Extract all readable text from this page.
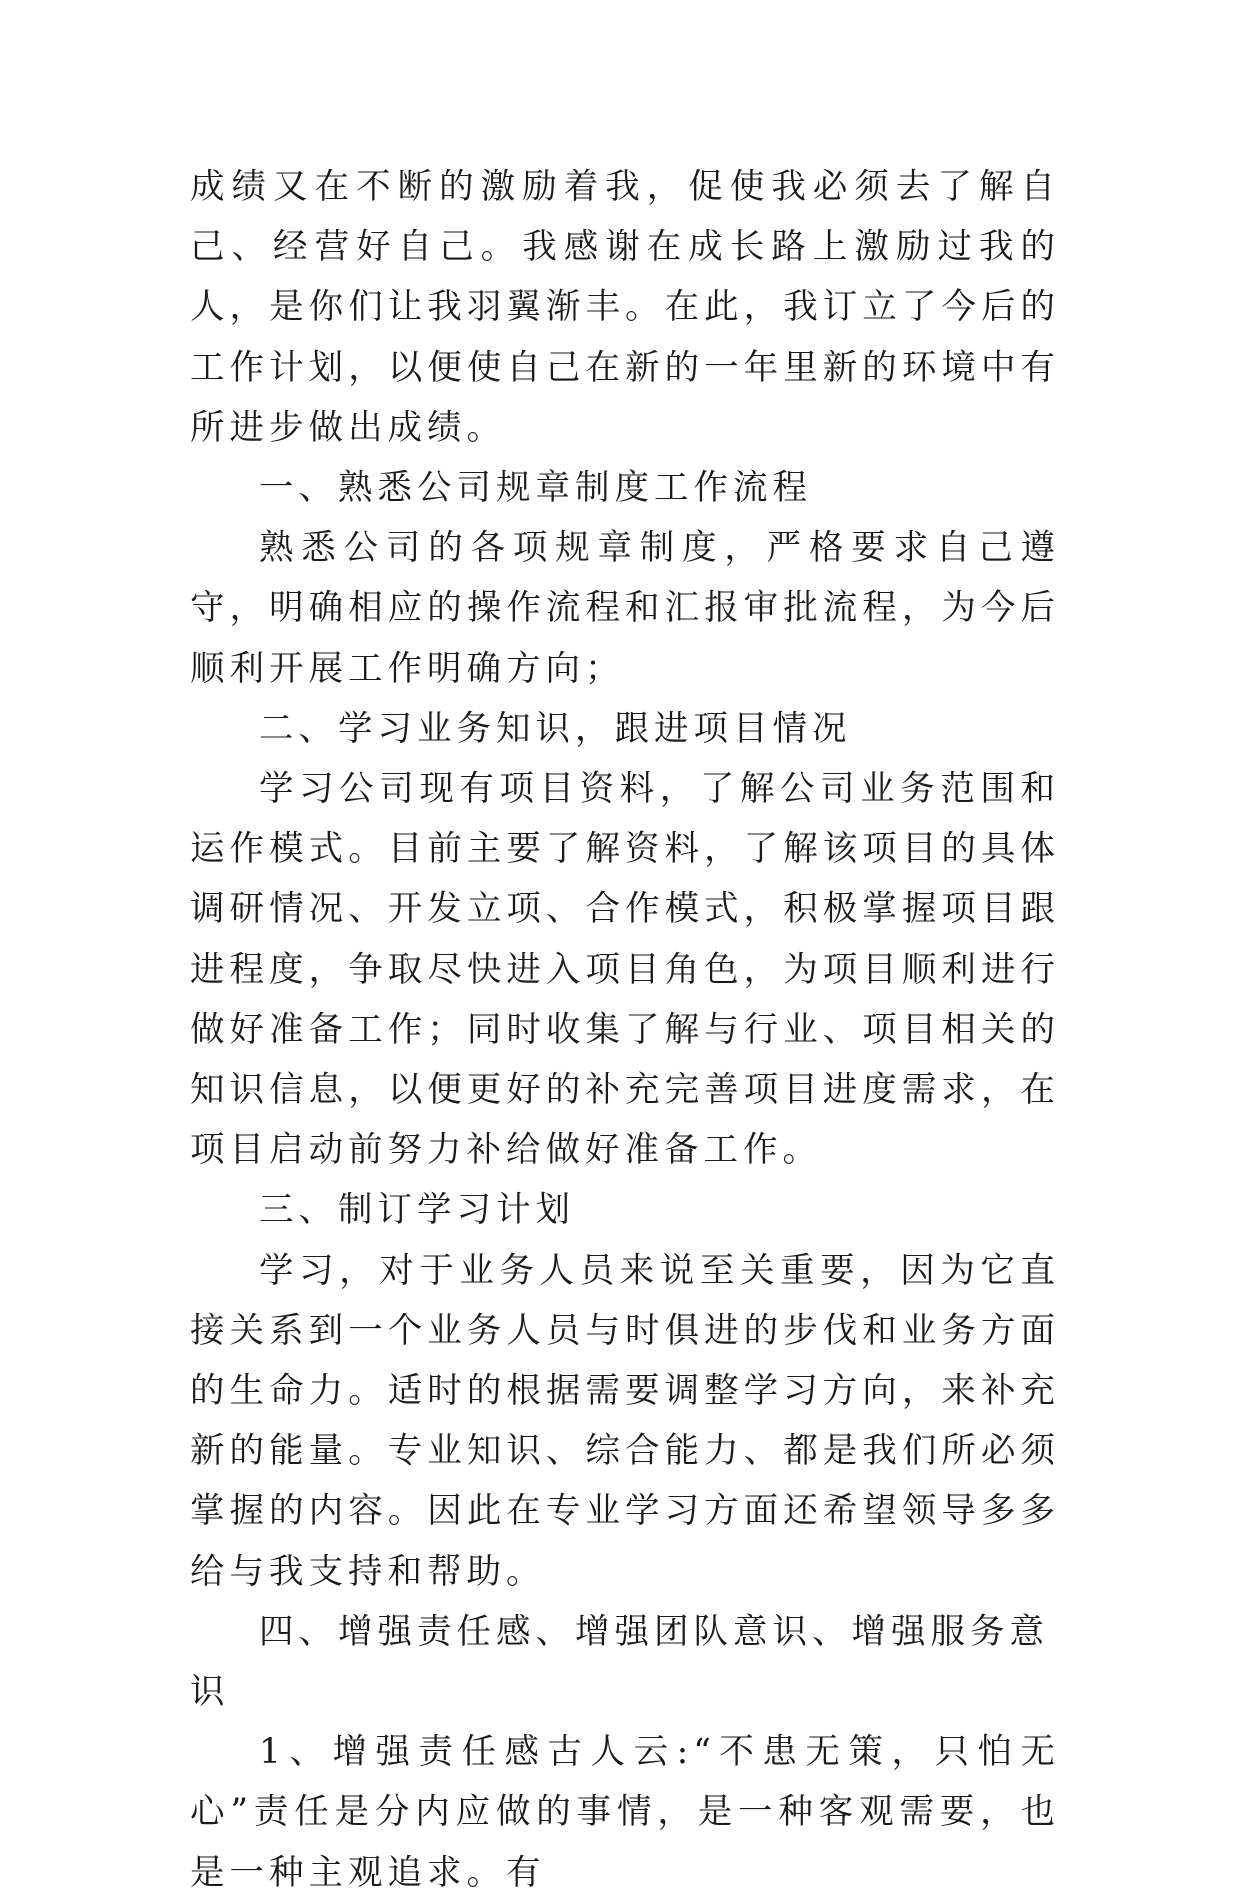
成绩又在不断的激励着我，促使我必须去了解自己、经营好自己。我感谢在成长路上激励过我的人，是你们让我羽翼渐丰。在此，我订立了今后的工作计划，以便使自己在新的一年里新的环境中有所进步做出成绩。

一、熟悉公司规章制度工作流程

熟悉公司的各项规章制度，严格要求自己遵守，明确相应的操作流程和汇报审批流程，为今后顺利开展工作明确方向；

二、学习业务知识，跟进项目情况

学习公司现有项目资料，了解公司业务范围和运作模式。目前主要了解资料，了解该项目的具体调研情况、开发立项、合作模式，积极掌握项目跟进程度，争取尽快进入项目角色，为项目顺利进行做好准备工作；同时收集了解与行业、项目相关的知识信息，以便更好的补充完善项目进度需求，在项目启动前努力补给做好准备工作。

三、制订学习计划

学习，对于业务人员来说至关重要，因为它直接关系到一个业务人员与时俱进的步伐和业务方面的生命力。适时的根据需要调整学习方向，来补充新的能量。专业知识、综合能力、都是我们所必须掌握的内容。因此在专业学习方面还希望领导多多给与我支持和帮助。

四、增强责任感、增强团队意识、增强服务意识

1、增强责任感古人云:“不患无策，只怕无心”责任是分内应做的事情，是一种客观需要，也是一种主观追求。有
